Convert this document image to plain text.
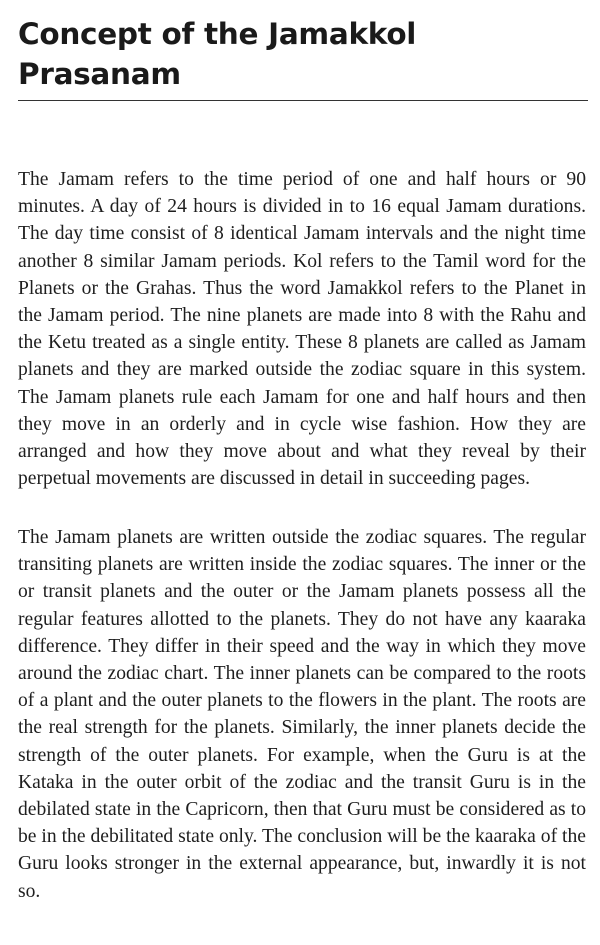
Concept of the Jamakkol Prasanam

The Jamam refers to the time period of one and half hours or 90 minutes. A day of 24 hours is divided in to 16 equal Jamam durations. The day time consist of 8 identical Jamam intervals and the night time another 8 similar Jamam periods. Kol refers to the Tamil word for the Planets or the Grahas. Thus the word Jamakkol refers to the Planet in the Jamam period. The nine planets are made into 8 with the Rahu and the Ketu treated as a single entity. These 8 planets are called as Jamam planets and they are marked outside the zodiac square in this system. The Jamam planets rule each Jamam for one and half hours and then they move in an orderly and in cycle wise fashion. How they are arranged and how they move about and what they reveal by their perpetual movements are discussed in detail in succeeding pages.

The Jamam planets are written outside the zodiac squares. The regular transiting planets are written inside the zodiac squares. The inner or the or transit planets and the outer or the Jamam planets possess all the regular features allotted to the planets. They do not have any kaaraka difference. They differ in their speed and the way in which they move around the zodiac chart. The inner planets can be compared to the roots of a plant and the outer planets to the flowers in the plant. The roots are the real strength for the planets. Similarly, the inner planets decide the strength of the outer planets. For example, when the Guru is at the Kataka in the outer orbit of the zodiac and the transit Guru is in the debilated state in the Capricorn, then that Guru must be considered as to be in the debilitated state only. The conclusion will be the kaaraka of the Guru looks stronger in the external appearance, but, inwardly it is not so.
